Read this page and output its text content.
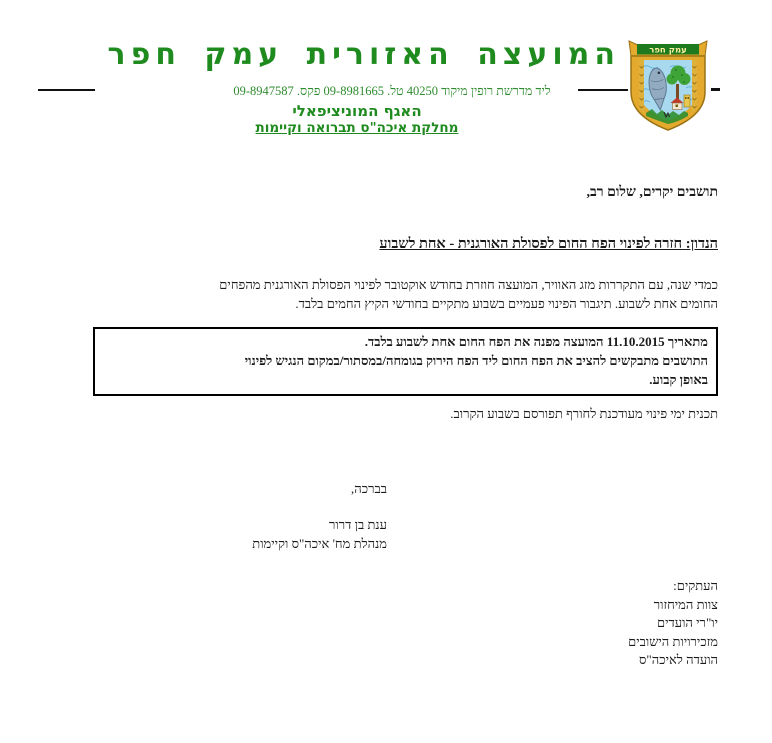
המועצה האזורית עמק חפר
ליד מדרשת רופין מיקוד 40250 טל. 09-8981665 פקס. 09-8947587
האגף המוניציפאלי
מחלקת איכה"ס תברואה וקיימות
עמק חפר
תושבים יקרים, שלום רב,
הנדון: חזרה לפינוי הפח החום לפסולת האורגנית - אחת לשבוע
כמדי שנה, עם התקררות מזג האוויר, המועצה חוזרת בחודש אוקטובר לפינוי הפסולת האורגנית מהפחים
החומים אחת לשבוע. תיגבור הפינוי פעמיים בשבוע מתקיים בחודשי הקיץ החמים בלבד.
מתאריך 11.10.2015 המועצה מפנה את הפח החום אחת לשבוע בלבד.
התושבים מתבקשים להציב את הפח החום ליד הפח הירוק בגומחה/במסתור/במקום הנגיש לפינוי
באופן קבוע.
תכנית ימי פינוי מעודכנת לחורף תפורסם בשבוע הקרוב.
בברכה,
ענת בן דרור
מנהלת מח' איכה"ס וקיימות
העתקים:
צוות המיחזור
יו"רי הועדים
מזכירויות הישובים
הועדה לאיכה"ס
